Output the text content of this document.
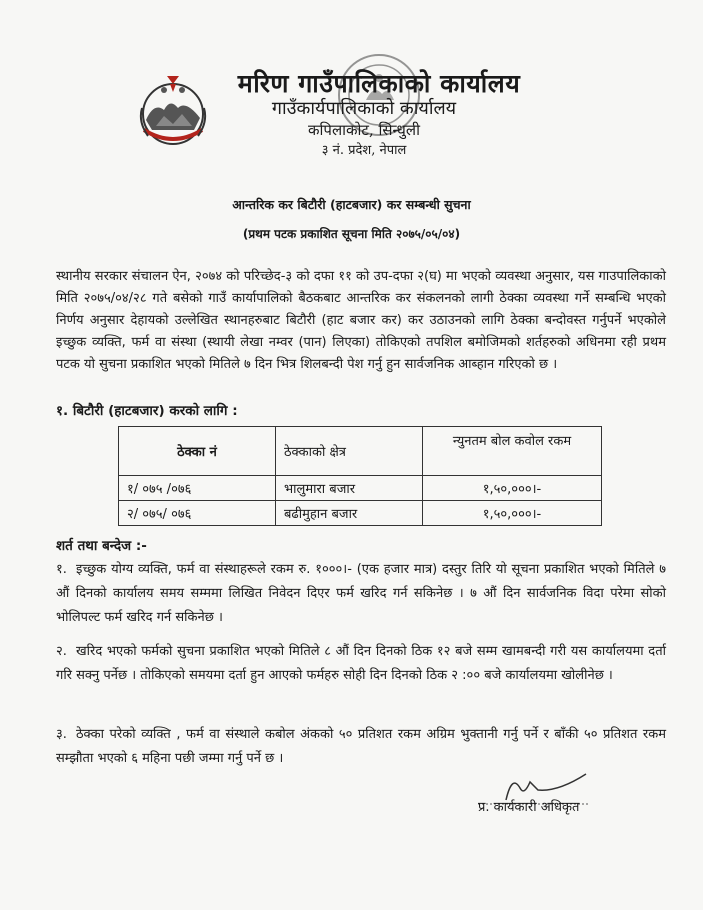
मरिण गाउँपालिकाको कार्यालय
गाउँकार्यपालिकाको कार्यालय
कपिलाकोट, सिन्धुली
३ नं. प्रदेश, नेपाल
आन्तरिक कर बिटौरी (हाटबजार) कर सम्बन्धी सुचना
(प्रथम पटक प्रकाशित सूचना मिति २०७५/०५/०४)

स्थानीय सरकार संचालन ऐन, २०७४ को परिच्छेद-३ को दफा ११ को उप-दफा २(घ) मा भएको व्यवस्था अनुसार, यस गाउपालिकाको मिति २०७५/०४/२८ गते बसेको गाउँ कार्यापालिको बैठकबाट आन्तरिक कर संकलनको लागी ठेक्का व्यवस्था गर्ने सम्बन्धि भएको निर्णय अनुसार देहायको उल्लेखित स्थानहरुबाट बिटौरी (हाट बजार कर) कर उठाउनको लागि ठेक्का बन्दोवस्त गर्नुपर्ने भएकोले इच्छुक व्यक्ति, फर्म वा संस्था (स्थायी लेखा नम्वर (पान) लिएका) तोकिएको तपशिल बमोजिमको शर्तहरुको अधिनमा रही प्रथम पटक यो सुचना प्रकाशित भएको मितिले ७ दिन भित्र शिलबन्दी पेश गर्नु हुन सार्वजनिक आब्हान गरिएको छ ।

१. बिटौरी (हाटबजार) करको लागि :
ठेक्का नं	ठेक्काको क्षेत्र	न्युनतम बोल कवोल रकम
१/ ०७५ /०७६	भालुमारा बजार	१,५०,०००।-
२/ ०७५/ ०७६	बढीमुहान बजार	१,५०,०००।-
शर्त तथा बन्देज :-

१. इच्छुक योग्य व्यक्ति, फर्म वा संस्थाहरूले रकम रु. १०००।- (एक हजार मात्र) दस्तुर तिरि यो सूचना प्रकाशित भएको मितिले ७ औं दिनको कार्यालय समय सम्ममा लिखित निवेदन दिएर फर्म खरिद गर्न सकिनेछ । ७ औं दिन सार्वजनिक विदा परेमा सोको भोलिपल्ट फर्म खरिद गर्न सकिनेछ ।

२. खरिद भएको फर्मको सुचना प्रकाशित भएको मितिले ८ औं दिन दिनको ठिक १२ बजे सम्म खामबन्दी गरी यस कार्यालयमा दर्ता गरि सक्नु पर्नेछ । तोकिएको समयमा दर्ता हुन आएको फर्महरु सोही दिन दिनको ठिक २ :०० बजे कार्यालयमा खोलीनेछ ।

३. ठेक्का परेको व्यक्ति , फर्म वा संस्थाले कबोल अंकको ५० प्रतिशत रकम अग्रिम भुक्तानी गर्नु पर्ने र बाँकी ५० प्रतिशत रकम सम्झौता भएको ६ महिना पछी जम्मा गर्नु पर्ने छ ।

प्र. कार्यकारी अधिकृत
